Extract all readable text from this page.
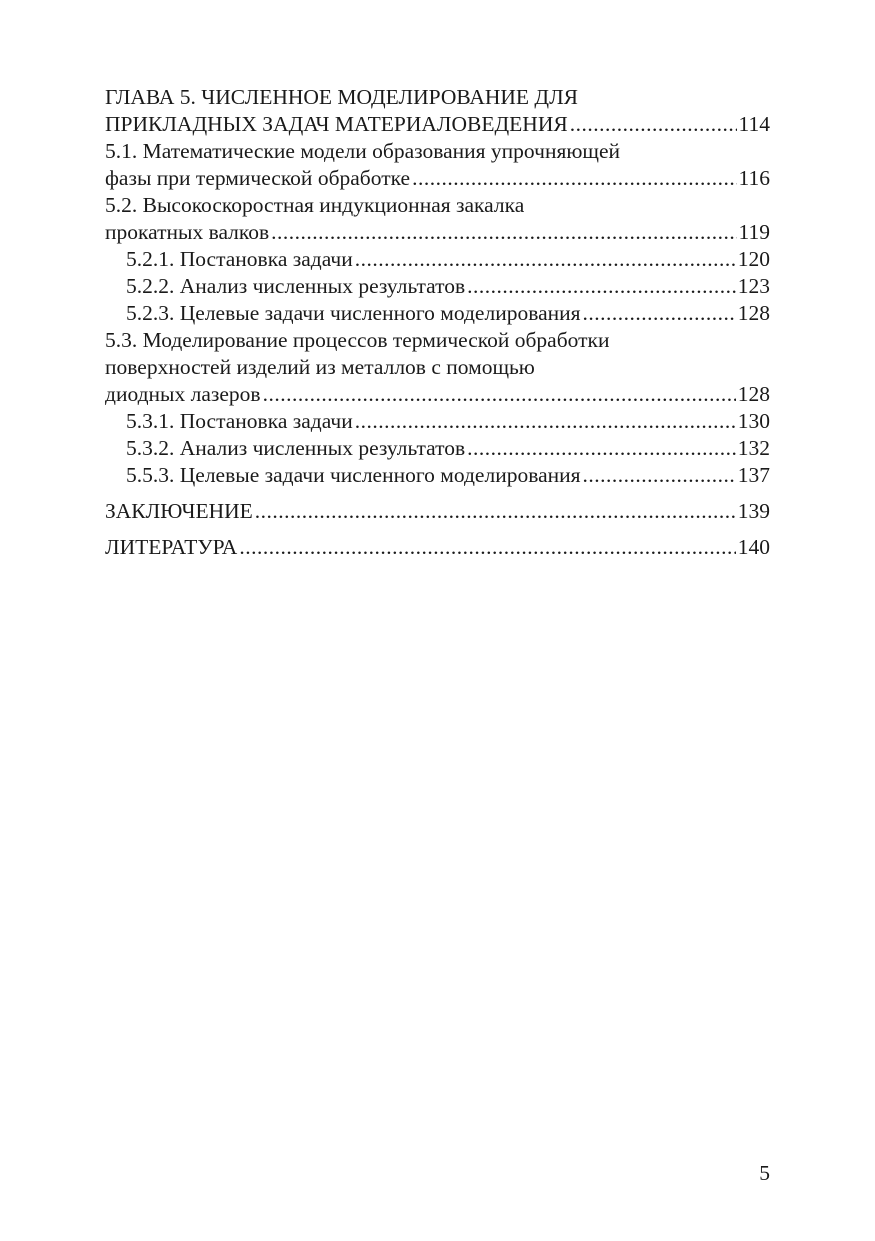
ГЛАВА 5. ЧИСЛЕННОЕ МОДЕЛИРОВАНИЕ ДЛЯ
ПРИКЛАДНЫХ ЗАДАЧ МАТЕРИАЛОВЕДЕНИЯ .....	114
5.1. Математические модели образования упрочняющей
фазы при термической обработке .....	116
5.2. Высокоскоростная индукционная закалка
прокатных валков .....	119
5.2.1. Постановка задачи .....	120
5.2.2. Анализ численных результатов .....	123
5.2.3. Целевые задачи численного моделирования .....	128
5.3. Моделирование процессов термической обработки
поверхностей изделий из металлов с помощью
диодных лазеров .....	128
5.3.1. Постановка задачи .....	130
5.3.2. Анализ численных результатов .....	132
5.5.3. Целевые задачи численного моделирования .....	137
ЗАКЛЮЧЕНИЕ .....	139
ЛИТЕРАТУРА .....	140
5
